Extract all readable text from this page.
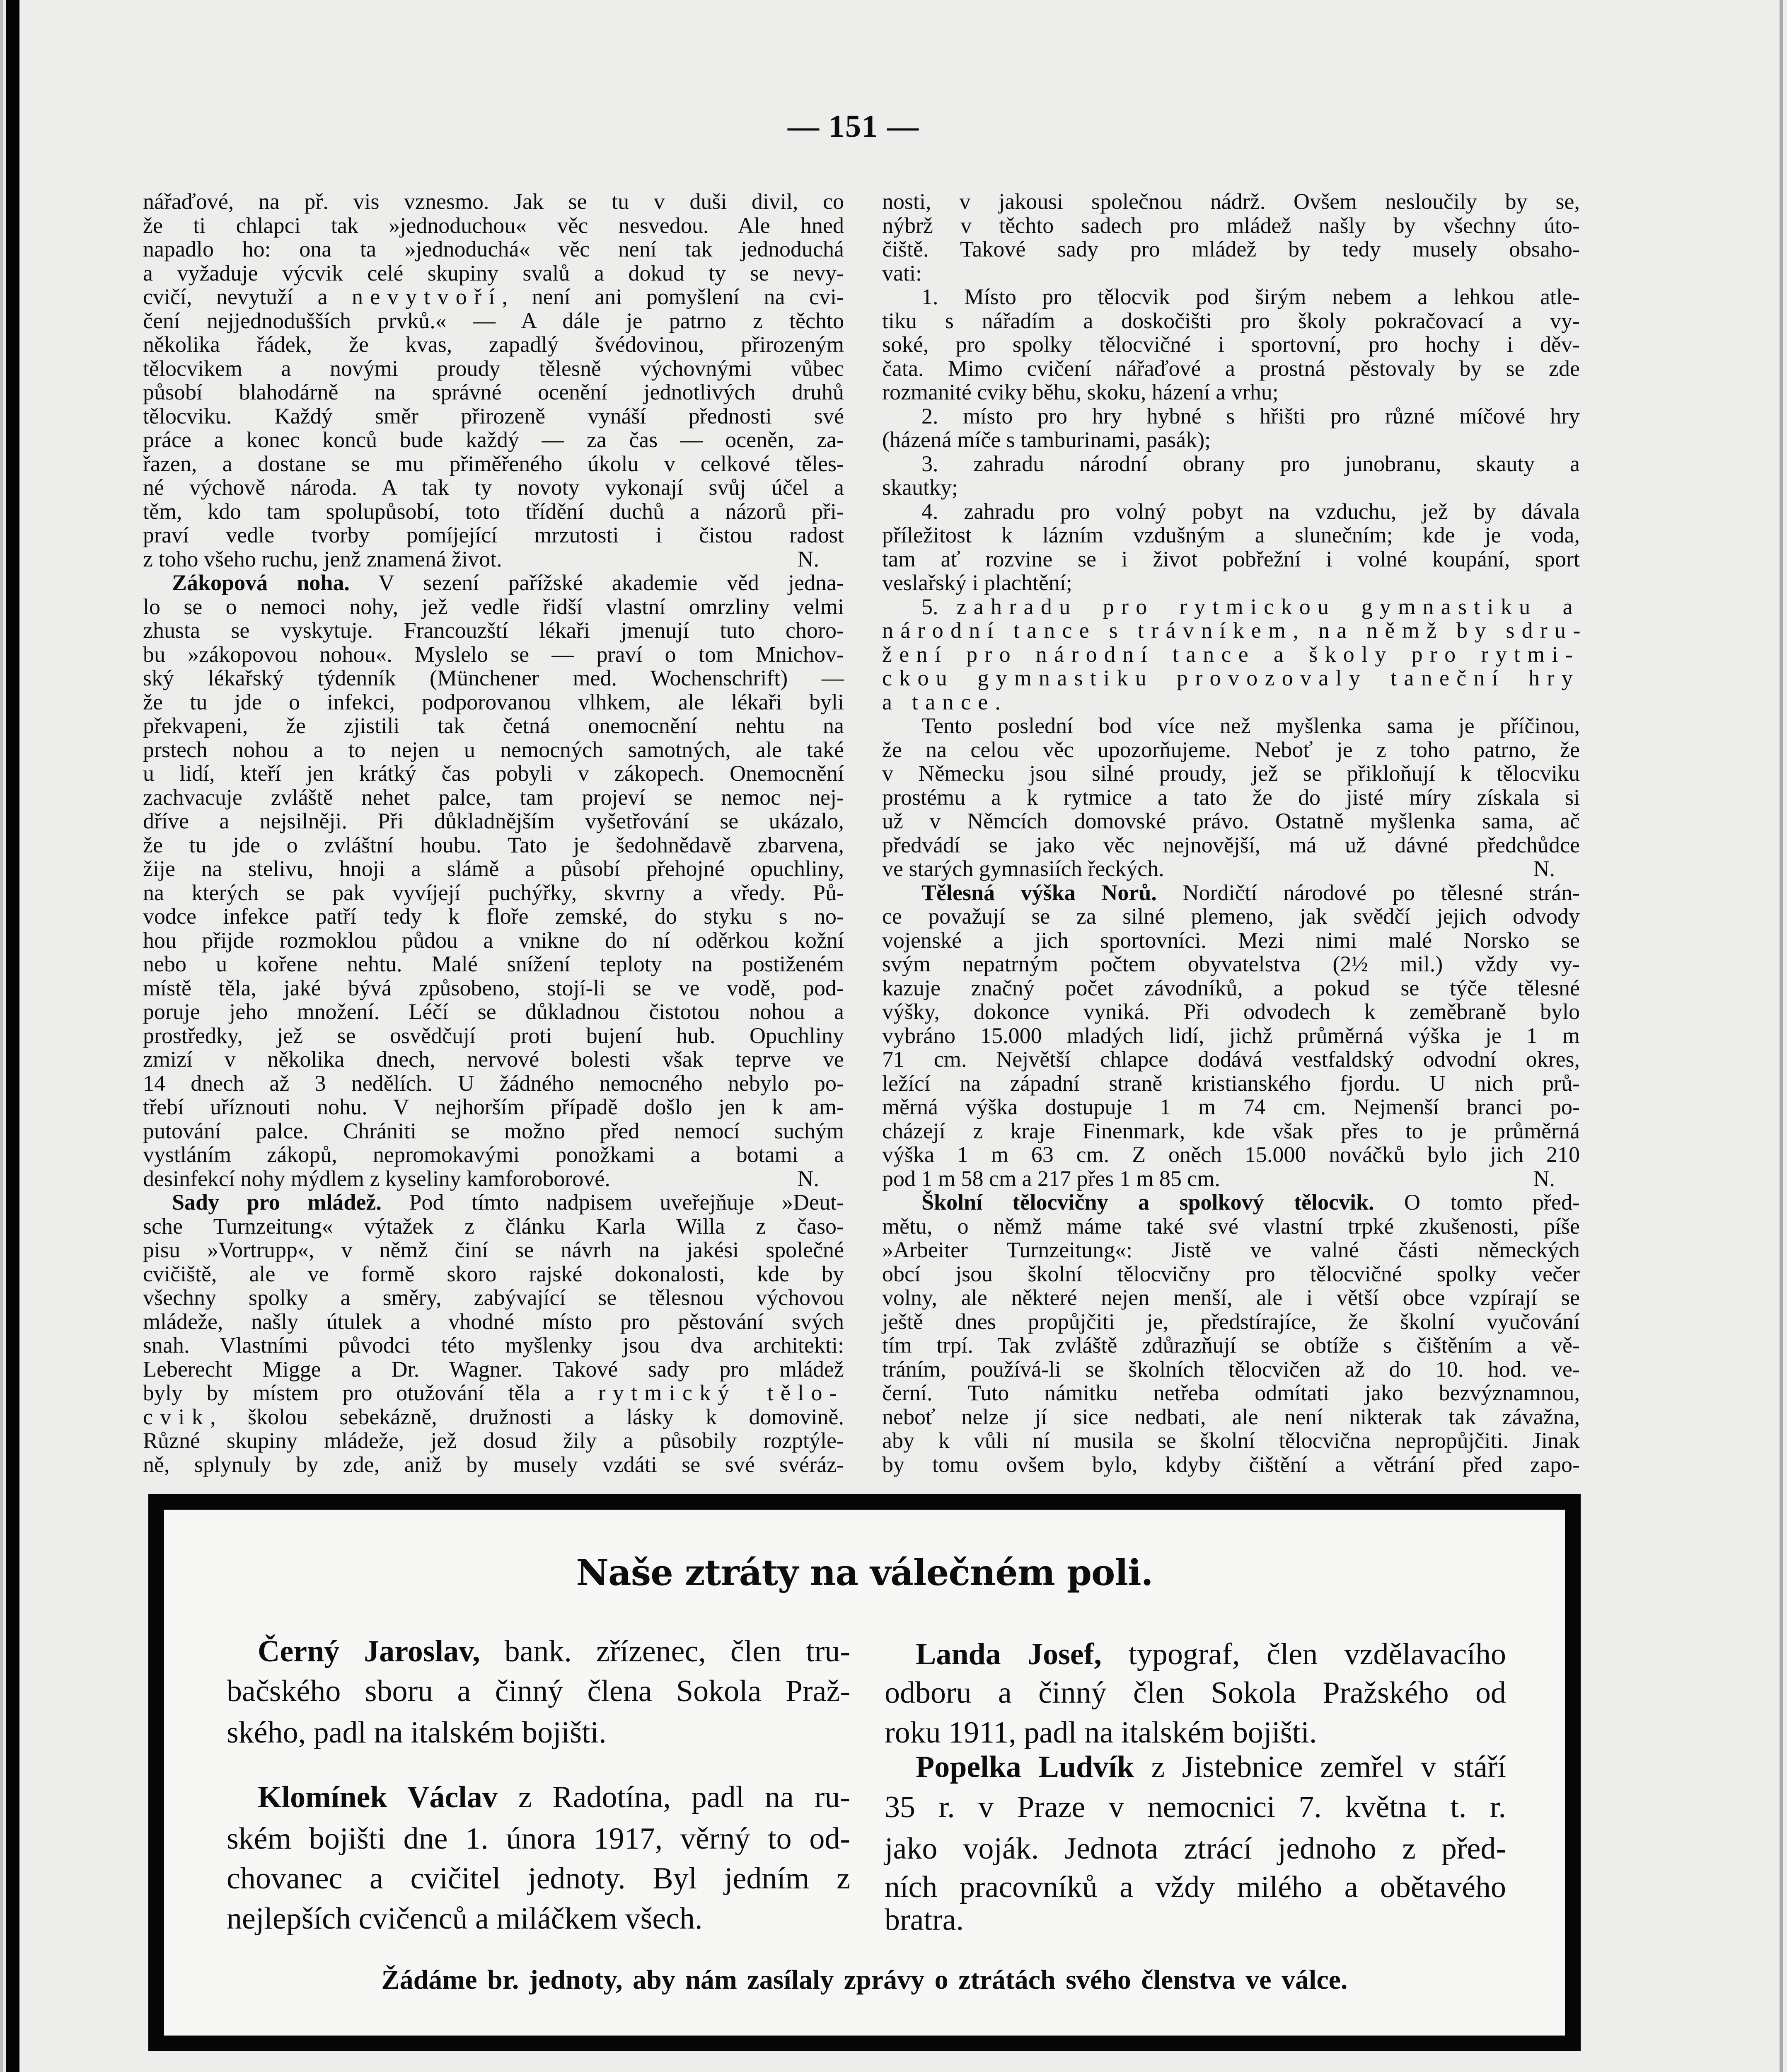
— 151 —
nářaďové, na př. vis vznesmo. Jak se tu v duši divil, co
že ti chlapci tak »jednoduchou« věc nesvedou. Ale hned
napadlo ho: ona ta »jednoduchá« věc není tak jednoduchá
a vyžaduje výcvik celé skupiny svalů a dokud ty se nevy-
cvičí, nevytuží a nevytvoří, není ani pomyšlení na cvi-
čení nejjednodušších prvků.« — A dále je patrno z těchto
několika řádek, že kvas, zapadlý švédovinou, přirozeným
tělocvikem a novými proudy tělesně výchovnými vůbec
působí blahodárně na správné ocenění jednotlivých druhů
tělocviku. Každý směr přirozeně vynáší přednosti své
práce a konec konců bude každý — za čas — oceněn, za-
řazen, a dostane se mu přiměřeného úkolu v celkové těles-
né výchově národa. A tak ty novoty vykonají svůj účel a
těm, kdo tam spolupůsobí, toto třídění duchů a názorů při-
praví vedle tvorby pomíjející mrzutosti i čistou radost
z toho všeho ruchu, jenž znamená život.	N.
Zákopová noha. V sezení pařížské akademie věd jedna-
lo se o nemoci nohy, jež vedle řidší vlastní omrzliny velmi
zhusta se vyskytuje. Francouzští lékaři jmenují tuto choro-
bu »zákopovou nohou«. Myslelo se — praví o tom Mnichov-
ský lékařský týdenník (Münchener med. Wochenschrift) —
že tu jde o infekci, podporovanou vlhkem, ale lékaři byli
překvapeni, že zjistili tak četná onemocnění nehtu na
prstech nohou a to nejen u nemocných samotných, ale také
u lidí, kteří jen krátký čas pobyli v zákopech. Onemocnění
zachvacuje zvláště nehet palce, tam projeví se nemoc nej-
dříve a nejsilněji. Při důkladnějším vyšetřování se ukázalo,
že tu jde o zvláštní houbu. Tato je šedohnědavě zbarvena,
žije na stelivu, hnoji a slámě a působí přehojné opuchliny,
na kterých se pak vyvíjejí puchýřky, skvrny a vředy. Pů-
vodce infekce patří tedy k floře zemské, do styku s no-
hou přijde rozmoklou půdou a vnikne do ní oděrkou kožní
nebo u kořene nehtu. Malé snížení teploty na postiženém
místě těla, jaké bývá způsobeno, stojí-li se ve vodě, pod-
poruje jeho množení. Léčí se důkladnou čistotou nohou a
prostředky, jež se osvědčují proti bujení hub. Opuchliny
zmizí v několika dnech, nervové bolesti však teprve ve
14 dnech až 3 nedělích. U žádného nemocného nebylo po-
třebí uříznouti nohu. V nejhorším případě došlo jen k am-
putování palce. Chrániti se možno před nemocí suchým
vystláním zákopů, nepromokavými ponožkami a botami a
desinfekcí nohy mýdlem z kyseliny kamforoborové.	N.
Sady pro mládež. Pod tímto nadpisem uveřejňuje »Deut-
sche Turnzeitung« výtažek z článku Karla Willa z časo-
pisu »Vortrupp«, v němž činí se návrh na jakési společné
cvičiště, ale ve formě skoro rajské dokonalosti, kde by
všechny spolky a směry, zabývající se tělesnou výchovou
mládeže, našly útulek a vhodné místo pro pěstování svých
snah. Vlastními původci této myšlenky jsou dva architekti:
Leberecht Migge a Dr. Wagner. Takové sady pro mládež
byly by místem pro otužování těla a rytmický tělo-
cvik, školou sebekázně, družnosti a lásky k domovině.
Různé skupiny mládeže, jež dosud žily a působily rozptýle-
ně, splynuly by zde, aniž by musely vzdáti se své svéráz-
nosti, v jakousi společnou nádrž. Ovšem nesloučily by se,
nýbrž v těchto sadech pro mládež našly by všechny úto-
čiště. Takové sady pro mládež by tedy musely obsaho-
vati:
1. Místo pro tělocvik pod širým nebem a lehkou atle-
tiku s nářadím a doskočišti pro školy pokračovací a vy-
soké, pro spolky tělocvičné i sportovní, pro hochy i děv-
čata. Mimo cvičení nářaďové a prostná pěstovaly by se zde
rozmanité cviky běhu, skoku, házení a vrhu;
2. místo pro hry hybné s hřišti pro různé míčové hry
(házená míče s tamburinami, pasák);
3. zahradu národní obrany pro junobranu, skauty a
skautky;
4. zahradu pro volný pobyt na vzduchu, jež by dávala
příležitost k lázním vzdušným a slunečním; kde je voda,
tam ať rozvine se i život pobřežní i volné koupání, sport
veslařský i plachtění;
5. zahradu pro rytmickou gymnastiku a
národní tance s trávníkem, na němž by sdru-
žení pro národní tance a školy pro rytmi-
ckou gymnastiku provozovaly taneční hry
a tance.
Tento poslední bod více než myšlenka sama je příčinou,
že na celou věc upozorňujeme. Neboť je z toho patrno, že
v Německu jsou silné proudy, jež se přikloňují k tělocviku
prostému a k rytmice a tato že do jisté míry získala si
už v Němcích domovské právo. Ostatně myšlenka sama, ač
předvádí se jako věc nejnovější, má už dávné předchůdce
ve starých gymnasiích řeckých.	N.
Tělesná výška Norů. Nordičtí národové po tělesné strán-
ce považují se za silné plemeno, jak svědčí jejich odvody
vojenské a jich sportovníci. Mezi nimi malé Norsko se
svým nepatrným počtem obyvatelstva (2½ mil.) vždy vy-
kazuje značný počet závodníků, a pokud se týče tělesné
výšky, dokonce vyniká. Při odvodech k zeměbraně bylo
vybráno 15.000 mladých lidí, jichž průměrná výška je 1 m
71 cm. Největší chlapce dodává vestfaldský odvodní okres,
ležící na západní straně kristianského fjordu. U nich prů-
měrná výška dostupuje 1 m 74 cm. Nejmenší branci po-
cházejí z kraje Finenmark, kde však přes to je průměrná
výška 1 m 63 cm. Z oněch 15.000 nováčků bylo jich 210
pod 1 m 58 cm a 217 přes 1 m 85 cm.	N.
Školní tělocvičny a spolkový tělocvik. O tomto před-
mětu, o němž máme také své vlastní trpké zkušenosti, píše
»Arbeiter Turnzeitung«: Jistě ve valné části německých
obcí jsou školní tělocvičny pro tělocvičné spolky večer
volny, ale některé nejen menší, ale i větší obce vzpírají se
ještě dnes propůjčiti je, předstírajíce, že školní vyučování
tím trpí. Tak zvláště zdůrazňují se obtíže s čištěním a vě-
tráním, používá-li se školních tělocvičen až do 10. hod. ve-
černí. Tuto námitku netřeba odmítati jako bezvýznamnou,
neboť nelze jí sice nedbati, ale není nikterak tak závažna,
aby k vůli ní musila se školní tělocvična nepropůjčiti. Jinak
by tomu ovšem bylo, kdyby čištění a větrání před zapo-
Naše ztráty na válečném poli.
Černý Jaroslav, bank. zřízenec, člen tru-
bačského sboru a činný člena Sokola Praž-
ského, padl na italském bojišti.
Klomínek Václav z Radotína, padl na ru-
ském bojišti dne 1. února 1917, věrný to od-
chovanec a cvičitel jednoty. Byl jedním z
nejlepších cvičenců a miláčkem všech.
Landa Josef, typograf, člen vzdělavacího
odboru a činný člen Sokola Pražského od
roku 1911, padl na italském bojišti.
Popelka Ludvík z Jistebnice zemřel v stáří
35 r. v Praze v nemocnici 7. května t. r.
jako voják. Jednota ztrácí jednoho z před-
ních pracovníků a vždy milého a obětavého
bratra.
Žádáme br. jednoty, aby nám zasílaly zprávy o ztrátách svého členstva ve válce.
